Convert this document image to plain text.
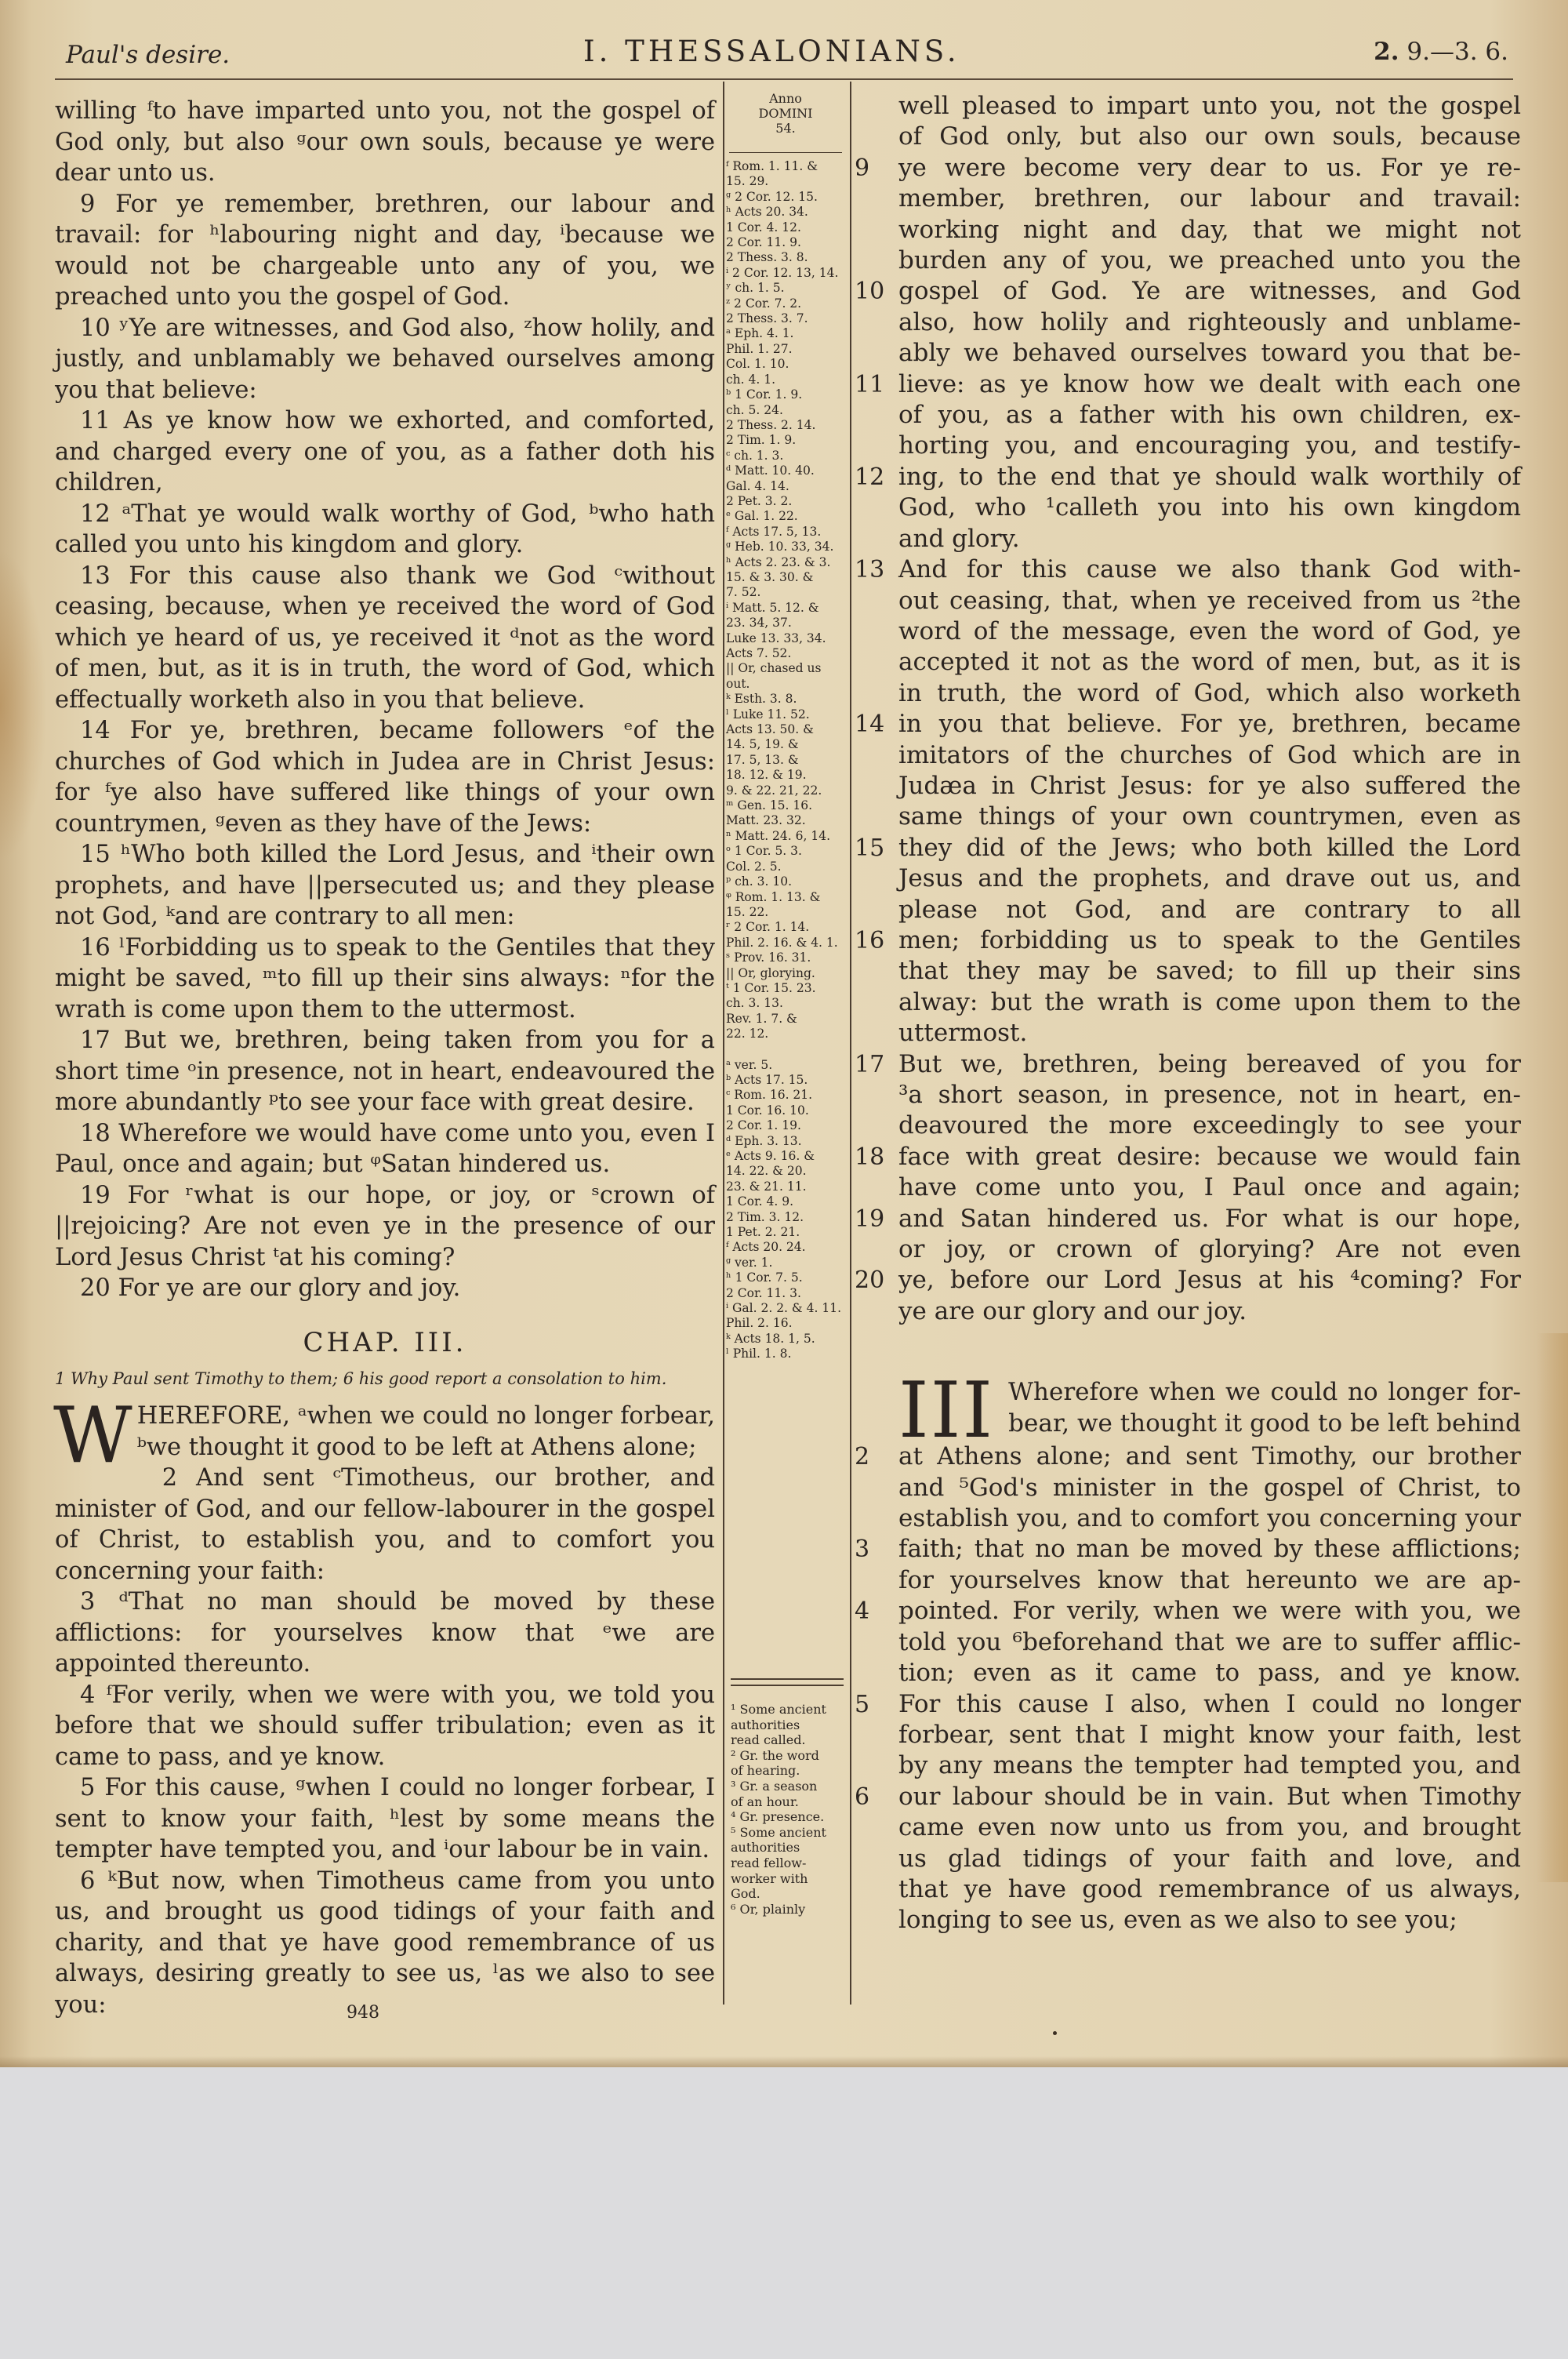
Paul's desire.	I. THESSALONIANS.	2. 9.—3. 6.

willing ᶠto have imparted unto you, not the gospel of God only, but also ᵍour own souls, because ye were dear unto us.

9 For ye remember, brethren, our labour and travail: for ʰlabouring night and day, ⁱbecause we would not be chargeable unto any of you, we preached unto you the gospel of God.

10 ʸYe are witnesses, and God also, ᶻhow holily, and justly, and unblamably we behaved ourselves among you that believe:

11 As ye know how we exhorted, and comforted, and charged every one of you, as a father doth his children,

12 ᵃThat ye would walk worthy of God, ᵇwho hath called you unto his kingdom and glory.

13 For this cause also thank we God ᶜwithout ceasing, because, when ye received the word of God which ye heard of us, ye received it ᵈnot as the word of men, but, as it is in truth, the word of God, which effectually worketh also in you that believe.

14 For ye, brethren, became followers ᵉof the churches of God which in Judea are in Christ Jesus: for ᶠye also have suffered like things of your own countrymen, ᵍeven as they have of the Jews:

15 ʰWho both killed the Lord Jesus, and ⁱtheir own prophets, and have ||persecuted us; and they please not God, ᵏand are contrary to all men:

16 ˡForbidding us to speak to the Gentiles that they might be saved, ᵐto fill up their sins always: ⁿfor the wrath is come upon them to the uttermost.

17 But we, brethren, being taken from you for a short time ᵒin presence, not in heart, endeavoured the more abundantly ᵖto see your face with great desire.

18 Wherefore we would have come unto you, even I Paul, once and again; but ᵠSatan hindered us.

19 For ʳwhat is our hope, or joy, or ˢcrown of ||rejoicing? Are not even ye in the presence of our Lord Jesus Christ ᵗat his coming?

20 For ye are our glory and joy.

CHAP. III.
1 Why Paul sent Timothy to them; 6 his good report a consolation to him.

WHEREFORE, ᵃwhen we could no longer forbear, ᵇwe thought it good to be left at Athens alone;

2 And sent ᶜTimotheus, our brother, and minister of God, and our fellow-labourer in the gospel of Christ, to establish you, and to comfort you concerning your faith:

3 ᵈThat no man should be moved by these afflictions: for yourselves know that ᵉwe are appointed thereunto.

4 ᶠFor verily, when we were with you, we told you before that we should suffer tribulation; even as it came to pass, and ye know.

5 For this cause, ᵍwhen I could no longer forbear, I sent to know your faith, ʰlest by some means the tempter have tempted you, and ⁱour labour be in vain.

6 ᵏBut now, when Timotheus came from you unto us, and brought us good tidings of your faith and charity, and that ye have good remembrance of us always, desiring greatly to see us, ˡas we also to see you:

Anno
DOMINI
54.
ᶠ Rom. 1. 11. &
15. 29.
ᵍ 2 Cor. 12. 15.
ʰ Acts 20. 34.
1 Cor. 4. 12.
2 Cor. 11. 9.
2 Thess. 3. 8.
ⁱ 2 Cor. 12. 13, 14.
ʸ ch. 1. 5.
ᶻ 2 Cor. 7. 2.
2 Thess. 3. 7.
ᵃ Eph. 4. 1.
Phil. 1. 27.
Col. 1. 10.
ch. 4. 1.
ᵇ 1 Cor. 1. 9.
ch. 5. 24.
2 Thess. 2. 14.
2 Tim. 1. 9.
ᶜ ch. 1. 3.
ᵈ Matt. 10. 40.
Gal. 4. 14.
2 Pet. 3. 2.
ᵉ Gal. 1. 22.
ᶠ Acts 17. 5, 13.
ᵍ Heb. 10. 33, 34.
ʰ Acts 2. 23. & 3.
15. & 3. 30. &
7. 52.
ⁱ Matt. 5. 12. &
23. 34, 37.
Luke 13. 33, 34.
Acts 7. 52.
|| Or, chased us
out.
ᵏ Esth. 3. 8.
ˡ Luke 11. 52.
Acts 13. 50. &
14. 5, 19. &
17. 5, 13. &
18. 12. & 19.
9. & 22. 21, 22.
ᵐ Gen. 15. 16.
Matt. 23. 32.
ⁿ Matt. 24. 6, 14.
ᵒ 1 Cor. 5. 3.
Col. 2. 5.
ᵖ ch. 3. 10.
ᵠ Rom. 1. 13. &
15. 22.
ʳ 2 Cor. 1. 14.
Phil. 2. 16. & 4. 1.
ˢ Prov. 16. 31.
|| Or, glorying.
ᵗ 1 Cor. 15. 23.
ch. 3. 13.
Rev. 1. 7. &
22. 12.
ᵃ ver. 5.
ᵇ Acts 17. 15.
ᶜ Rom. 16. 21.
1 Cor. 16. 10.
2 Cor. 1. 19.
ᵈ Eph. 3. 13.
ᵉ Acts 9. 16. &
14. 22. & 20.
23. & 21. 11.
1 Cor. 4. 9.
2 Tim. 3. 12.
1 Pet. 2. 21.
ᶠ Acts 20. 24.
ᵍ ver. 1.
ʰ 1 Cor. 7. 5.
2 Cor. 11. 3.
ⁱ Gal. 2. 2. & 4. 11.
Phil. 2. 16.
ᵏ Acts 18. 1, 5.
ˡ Phil. 1. 8.
¹ Some ancient
authorities
read called.
² Gr. the word
of hearing.
³ Gr. a season
of an hour.
⁴ Gr. presence.
⁵ Some ancient
authorities
read fellow-
worker with
God.
⁶ Or, plainly
well pleased to impart unto you, not the gospel
of God only, but also our own souls, because
9	ye were become very dear to us. For ye re-
member, brethren, our labour and travail:
working night and day, that we might not
burden any of you, we preached unto you the
10 gospel of God. Ye are witnesses, and God
also, how holily and righteously and unblame-
ably we behaved ourselves toward you that be-
11 lieve: as ye know how we dealt with each one
of you, as a father with his own children, ex-
horting you, and encouraging you, and testify-
12 ing, to the end that ye should walk worthily of
God, who ¹calleth you into his own kingdom
and glory.
13 And for this cause we also thank God with-
out ceasing, that, when ye received from us ²the
word of the message, even the word of God, ye
accepted it not as the word of men, but, as it is
in truth, the word of God, which also worketh
14 in you that believe. For ye, brethren, became
imitators of the churches of God which are in
Judæa in Christ Jesus: for ye also suffered the
same things of your own countrymen, even as
15 they did of the Jews; who both killed the Lord
Jesus and the prophets, and drave out us, and
please not God, and are contrary to all
16 men; forbidding us to speak to the Gentiles
that they may be saved; to fill up their sins
alway: but the wrath is come upon them to the
uttermost.
17 But we, brethren, being bereaved of you for
³a short season, in presence, not in heart, en-
deavoured the more exceedingly to see your
18 face with great desire: because we would fain
have come unto you, I Paul once and again;
19 and Satan hindered us. For what is our hope,
or joy, or crown of glorying? Are not even
20 ye, before our Lord Jesus at his ⁴coming? For
ye are our glory and our joy.
III Wherefore when we could no longer for-
bear, we thought it good to be left behind
2	at Athens alone; and sent Timothy, our brother
and ⁵God's minister in the gospel of Christ, to
establish you, and to comfort you concerning your
3	faith; that no man be moved by these afflictions;
for yourselves know that hereunto we are ap-
4	pointed. For verily, when we were with you, we
told you ⁶beforehand that we are to suffer afflic-
tion; even as it came to pass, and ye know.
5	For this cause I also, when I could no longer
forbear, sent that I might know your faith, lest
by any means the tempter had tempted you, and
6	our labour should be in vain. But when Timothy
came even now unto us from you, and brought
us glad tidings of your faith and love, and
that ye have good remembrance of us always,
longing to see us, even as we also to see you;
948
